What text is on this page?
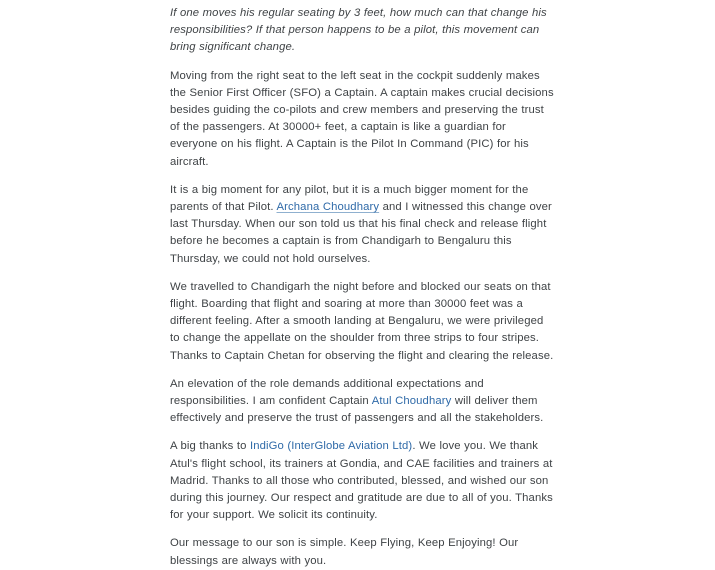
If one moves his regular seating by 3 feet, how much can that change his responsibilities? If that person happens to be a pilot, this movement can bring significant change.

Moving from the right seat to the left seat in the cockpit suddenly makes the Senior First Officer (SFO) a Captain. A captain makes crucial decisions besides guiding the co-pilots and crew members and preserving the trust of the passengers. At 30000+ feet, a captain is like a guardian for everyone on his flight. A Captain is the Pilot In Command (PIC) for his aircraft.

It is a big moment for any pilot, but it is a much bigger moment for the parents of that Pilot. Archana Choudhary and I witnessed this change over last Thursday. When our son told us that his final check and release flight before he becomes a captain is from Chandigarh to Bengaluru this Thursday, we could not hold ourselves.

We travelled to Chandigarh the night before and blocked our seats on that flight. Boarding that flight and soaring at more than 30000 feet was a different feeling. After a smooth landing at Bengaluru, we were privileged to change the appellate on the shoulder from three strips to four stripes. Thanks to Captain Chetan for observing the flight and clearing the release.

An elevation of the role demands additional expectations and responsibilities. I am confident Captain Atul Choudhary will deliver them effectively and preserve the trust of passengers and all the stakeholders.

A big thanks to IndiGo (InterGlobe Aviation Ltd). We love you. We thank Atul's flight school, its trainers at Gondia, and CAE facilities and trainers at Madrid. Thanks to all those who contributed, blessed, and wished our son during this journey. Our respect and gratitude are due to all of you. Thanks for your support. We solicit its continuity.

Our message to our son is simple. Keep Flying, Keep Enjoying! Our blessings are always with you.
